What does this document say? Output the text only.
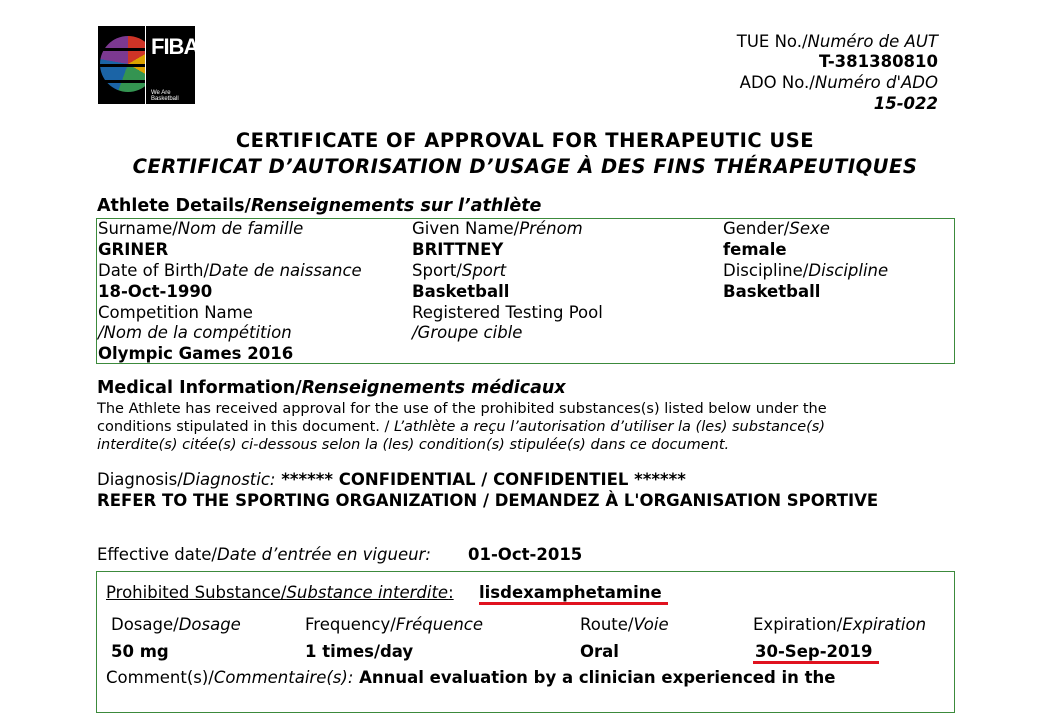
FIBA
We Are Basketball
TUE No./Numéro de AUT
T-381380810
ADO No./Numéro d'ADO
15-022
CERTIFICATE OF APPROVAL FOR THERAPEUTIC USE
CERTIFICAT D’AUTORISATION D’USAGE À DES FINS THÉRAPEUTIQUES
Athlete Details/Renseignements sur l’athlète
Surname/Nom de famille
GRINER
Given Name/Prénom
BRITTNEY
Gender/Sexe
female
Date of Birth/Date de naissance
18-Oct-1990
Sport/Sport
Basketball
Discipline/Discipline
Basketball
Competition Name
/Nom de la compétition
Olympic Games 2016
Registered Testing Pool
/Groupe cible
Medical Information/Renseignements médicaux
The Athlete has received approval for the use of the prohibited substances(s) listed below under the
conditions stipulated in this document. / L’athlète a reçu l’autorisation d’utiliser la (les) substance(s)
interdite(s) citée(s) ci-dessous selon la (les) condition(s) stipulée(s) dans ce document.
Diagnosis/Diagnostic: ****** CONFIDENTIAL / CONFIDENTIEL ******
REFER TO THE SPORTING ORGANIZATION / DEMANDEZ À L'ORGANISATION SPORTIVE
Effective date/Date d’entrée en vigueur: 01-Oct-2015
Prohibited Substance/Substance interdite: lisdexamphetamine
Dosage/Dosage
50 mg
Frequency/Fréquence
1 times/day
Route/Voie
Oral
Expiration/Expiration
30-Sep-2019
Comment(s)/Commentaire(s): Annual evaluation by a clinician experienced in the
